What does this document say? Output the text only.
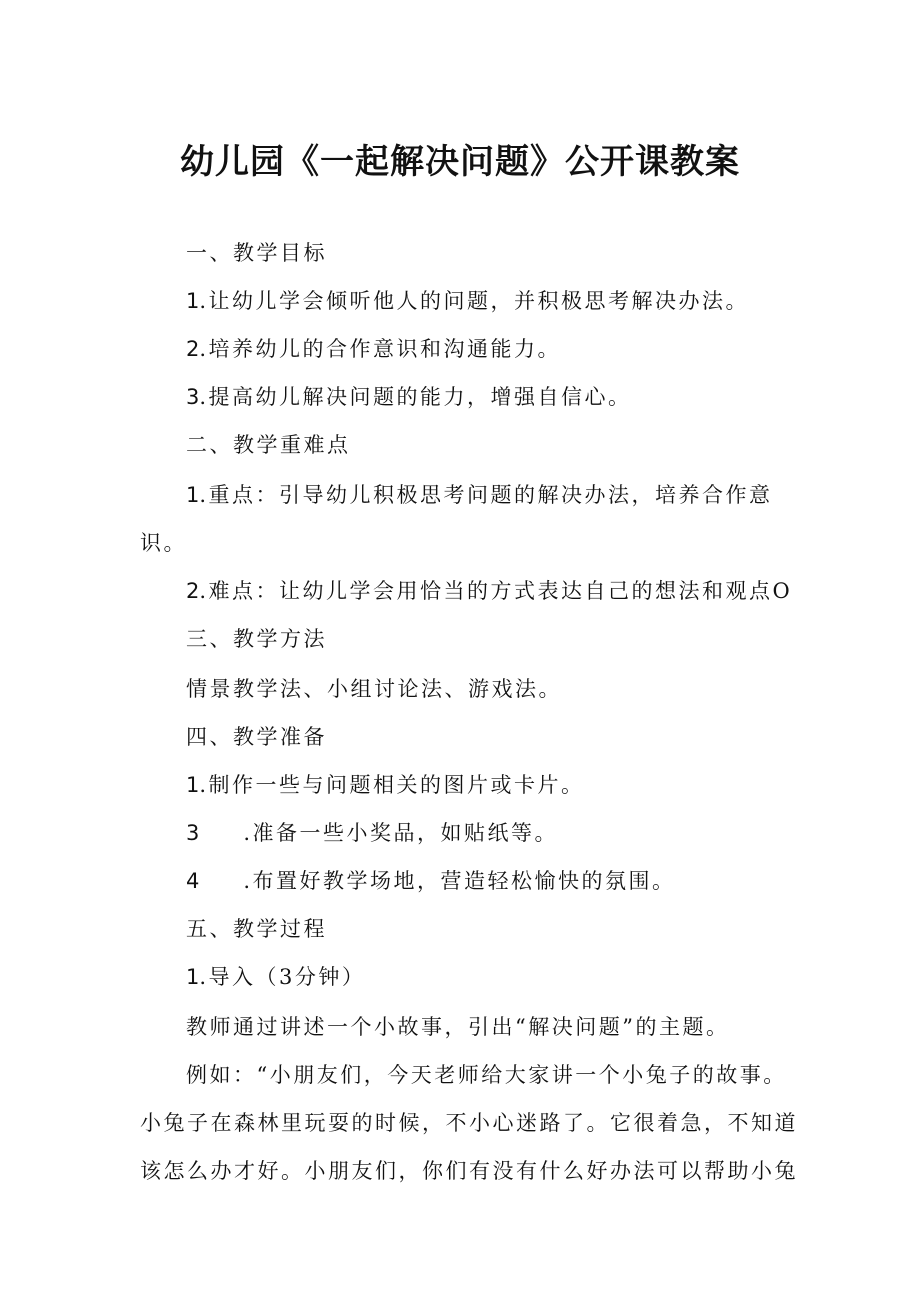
幼儿园《一起解决问题》公开课教案

一、教学目标

1.让幼儿学会倾听他人的问题，并积极思考解决办法。

2.培养幼儿的合作意识和沟通能力。

3.提高幼儿解决问题的能力，增强自信心。

二、教学重难点

1.重点：引导幼儿积极思考问题的解决办法，培养合作意

识。

2.难点：让幼儿学会用恰当的方式表达自己的想法和观点O

三、教学方法

情景教学法、小组讨论法、游戏法。

四、教学准备

1.制作一些与问题相关的图片或卡片。

3 .准备一些小奖品，如贴纸等。

4 .布置好教学场地，营造轻松愉快的氛围。

五、教学过程

1.导入（3分钟）

教师通过讲述一个小故事，引出“解决问题”的主题。

例如：“小朋友们，今天老师给大家讲一个小兔子的故事。

小兔子在森林里玩耍的时候，不小心迷路了。它很着急，不知道

该怎么办才好。小朋友们，你们有没有什么好办法可以帮助小兔
